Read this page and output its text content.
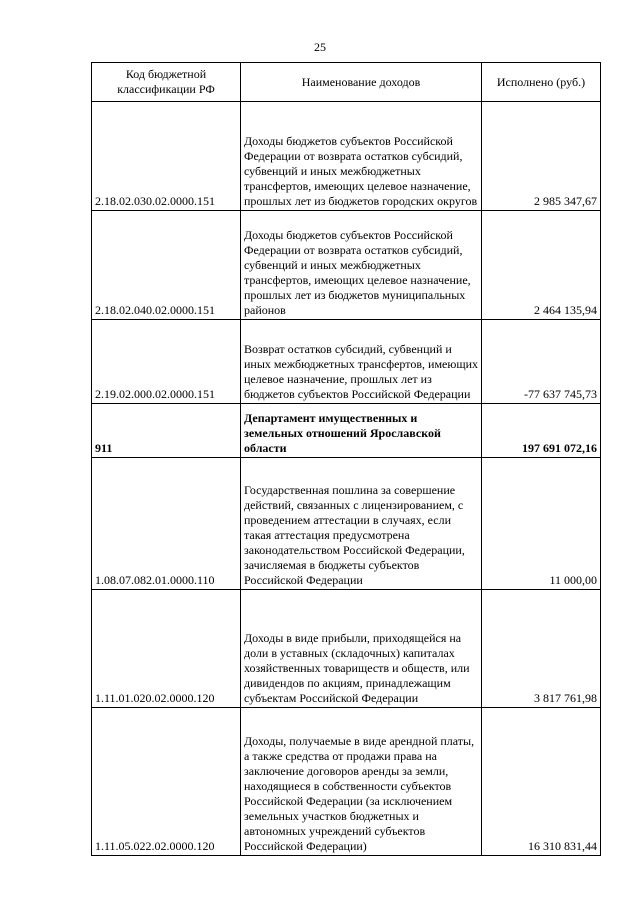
25
Код бюджетной классификации РФ	Наименование доходов	Исполнено (руб.)
2.18.02.030.02.0000.151	Доходы бюджетов субъектов Российской Федерации от возврата остатков субсидий, субвенций и иных межбюджетных трансфертов, имеющих целевое назначение, прошлых лет из бюджетов городских округов	2 985 347,67
2.18.02.040.02.0000.151	Доходы бюджетов субъектов Российской Федерации от возврата остатков субсидий, субвенций и иных межбюджетных трансфертов, имеющих целевое назначение, прошлых лет из бюджетов муниципальных районов	2 464 135,94
2.19.02.000.02.0000.151	Возврат остатков субсидий, субвенций и иных межбюджетных трансфертов, имеющих целевое назначение, прошлых лет из бюджетов субъектов Российской Федерации	-77 637 745,73
911	Департамент имущественных и земельных отношений Ярославской области	197 691 072,16
1.08.07.082.01.0000.110	Государственная пошлина за совершение действий, связанных с лицензированием, с проведением аттестации в случаях, если такая аттестация предусмотрена законодательством Российской Федерации, зачисляемая в бюджеты субъектов Российской Федерации	11 000,00
1.11.01.020.02.0000.120	Доходы в виде прибыли, приходящейся на доли в уставных (складочных) капиталах хозяйственных товариществ и обществ, или дивидендов по акциям, принадлежащим субъектам Российской Федерации	3 817 761,98
1.11.05.022.02.0000.120	Доходы, получаемые в виде арендной платы, а также средства от продажи права на заключение договоров аренды за земли, находящиеся в собственности субъектов Российской Федерации (за исключением земельных участков бюджетных и автономных учреждений субъектов Российской Федерации)	16 310 831,44
